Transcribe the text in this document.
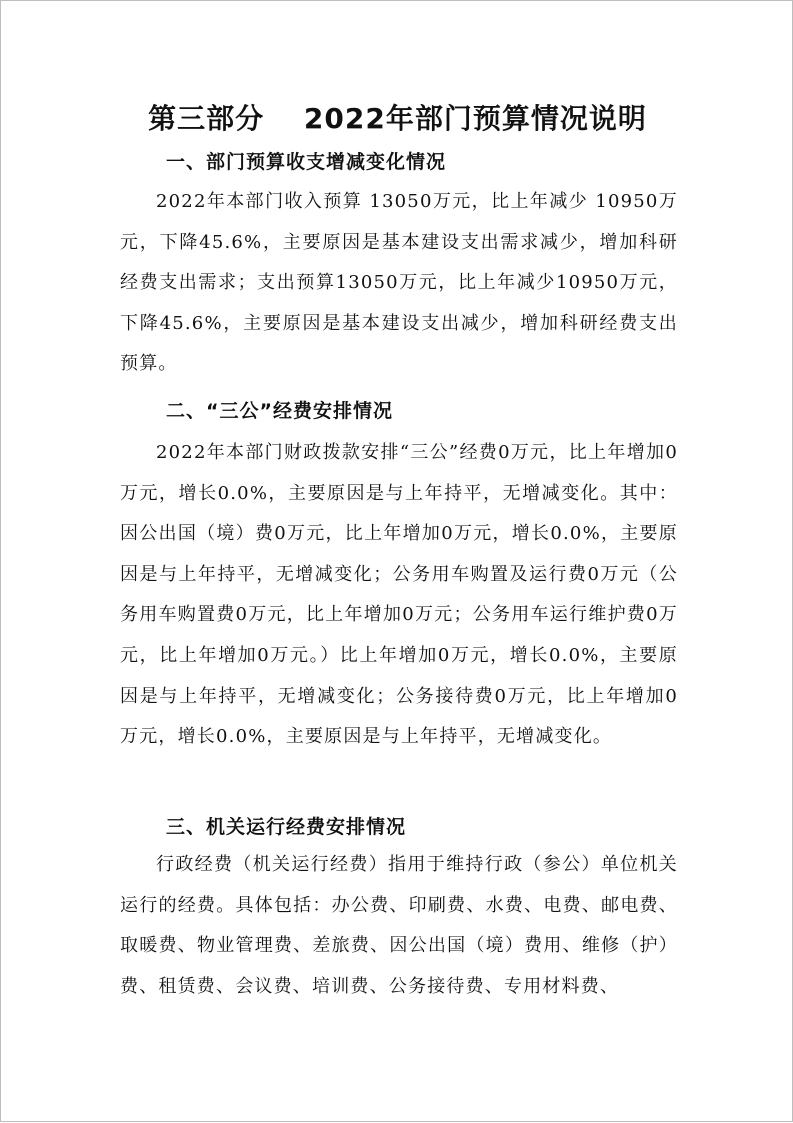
第三部分　 2022年部门预算情况说明
一、部门预算收支增减变化情况

2022年本部门收入预算 13050万元，比上年减少 10950万元，下降45.6%，主要原因是基本建设支出需求减少，增加科研经费支出需求；支出预算13050万元，比上年减少10950万元，下降45.6%，主要原因是基本建设支出减少，增加科研经费支出预算。

二、“三公”经费安排情况

2022年本部门财政拨款安排“三公”经费0万元，比上年增加0万元，增长0.0%，主要原因是与上年持平，无增减变化。其中：因公出国（境）费0万元，比上年增加0万元，增长0.0%，主要原因是与上年持平，无增减变化；公务用车购置及运行费0万元（公务用车购置费0万元，比上年增加0万元；公务用车运行维护费0万元，比上年增加0万元。）比上年增加0万元，增长0.0%，主要原因是与上年持平，无增减变化；公务接待费0万元，比上年增加0万元，增长0.0%，主要原因是与上年持平，无增减变化。

三、机关运行经费安排情况

行政经费（机关运行经费）指用于维持行政（参公）单位机关运行的经费。具体包括：办公费、印刷费、水费、电费、邮电费、取暖费、物业管理费、差旅费、因公出国（境）费用、维修（护）费、租赁费、会议费、培训费、公务接待费、专用材料费、
